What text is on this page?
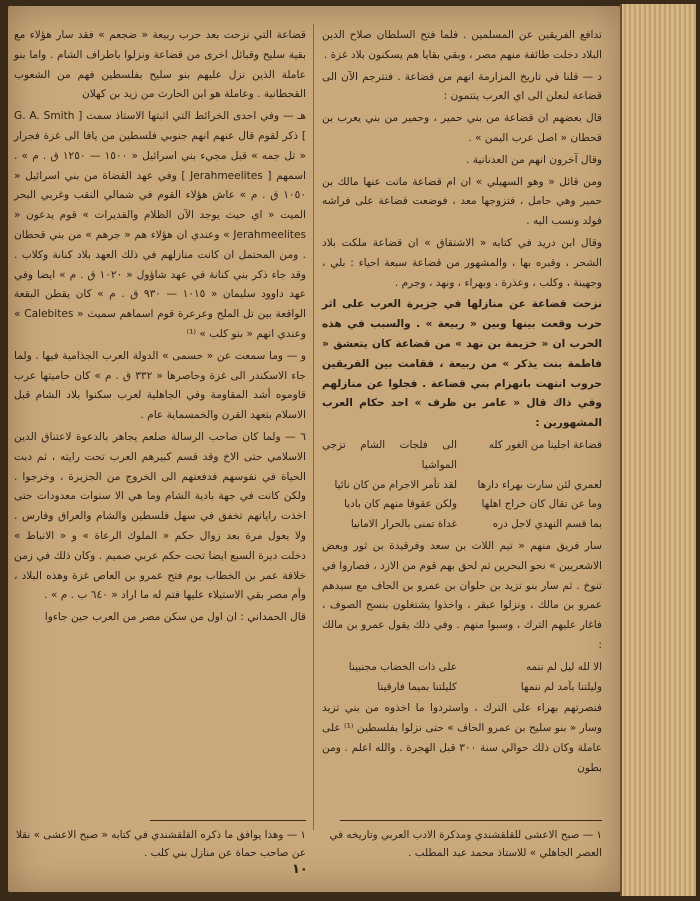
تدافع الفريقين عن المسلمين . فلما فتح السلطان صلاح الدين البلاد دخلت طائفة منهم مصر ، وبقي بقايا هم يسكنون بلاد غزة .

د — قلنا في تاريخ المزارمة انهم من قضاعة . فنترجم الآن الى قضاعة لنعلن الى اي العرب ينتمون :

قال بعضهم ان قضاعة من بني حمير ، وحمير من بني يعرب بن قحطان « اصل عرب اليمن » .

وقال آخرون انهم من العدنانية .

ومن قائل « وهو السهيلي » ان ام قضاعة ماتت عنها مالك بن حمير وهي حامل ، فتزوجها معد ، فوضعت قضاعة على فراشه فولد ونسب اليه .

وقال ابن دريد في كتابه « الاشتقاق » ان قضاعة ملكت بلاد الشحر ، وقبره بها ، والمشهور من قضاعة سبعة احياء : بلي ، وجهينة ، وكلب ، وعذرة ، وبهراء ، ونهد ، وجرم .

نزحت قضاعة عن منازلها في جزيرة العرب على اثر حرب وقعت بينها وبين « ربيعة » . والسبب في هذه الحرب ان « خزيمة بن نهد » من قضاعة كان يتعشق « فاطمة بنت يذكر » من ربيعة ، فقامت بين الفريقين حروب انتهت بانهزام بني قضاعة . فجلوا عن منازلهم وفي ذاك قال « عامر بن ظرف » احد حكام العرب المشهورين :

قضاعة اجلينا من الغور كله
الى فلجات الشام تزجي المواشيا
لعمري لئن سارت بهراء دارها
لقد تأمر الاجرام من كان نائيا
وما عن تقال كان خراج اهلها
ولكن عقوقا منهم كان باديا
بما قسم النهدي لاجل دره
غداة تمنى بالحرار الامانيا

سار فريق منهم « تيم اللات بن سعد وفرقيدة بن ثور وبعض الاشعريين » نحو البحرين ثم لحق بهم قوم من الازد ، فصاروا في تنوخ . ثم سار بنو تزيد بن حلوان بن عمرو بن الحاف مع سيدهم عمرو بن مالك ، ونزلوا عبقر ، واخذوا يشتغلون بنسج الصوف ، فاغار عليهم الترك ، وسبوا منهم . وفي ذلك يقول عمرو بن مالك :

الا لله ليل لم ننمه
على ذات الخضاب مجنبينا
وليلتنا بآمد لم ننمها
كليلتنا بميما فارقينا

فنصرتهم بهراء على الترك ، واستردوا ما اخذوه من بني تزيد وسار « بنو سليح بن عمرو الحاف » حتى نزلوا بفلسطين ⁽¹⁾ على عاملة وكان ذلك حوالي سنة ٣٠٠ قبل الهجرة . والله اعلم . ومن بطون

قضاعة التي نزحت بعد حرب ربيعة « ضجعم » فقد سار هؤلاء مع بقية سليح وقبائل اخرى من قضاعة ونزلوا باطراف الشام . واما بنو عاملة الذين نزل عليهم بنو سليح بفلسطين فهم من الشعوب القحطانية . وعاملة هو ابن الحارث من زيد بن كهلان

هـ — وفي احدى الخرائط التي اثبتها الاستاذ سمث [ G. A. Smith ] ذكر لقوم قال عنهم انهم جنوبي فلسطين من يافا الى غزة فجرار « تل جمه » قبل مجيء بني اسرائيل « ١٥٠٠ — ١٢٥٠ ق . م » . اسمهم [ Jerahmeelites ] وفي عهد القضاة من بني اسرائيل « ١٠٥٠ ق . م » عاش هؤلاء القوم في شمالي النقب وغربي البحر الميت « اي حيث يوجد الآن الظلام والقديرات » قوم يدعون « Jerahmeelites » وعندي ان هؤلاء هم « جرهم » من بني قحطان . ومن المحتمل ان كانت منازلهم في ذلك العهد بلاد كنانة وكلاب . وقد جاء ذكر بني كنانة في عهد شاؤول « ١٠٢٠ ق . م » ايضا وفي عهد داوود سليمان « ١٠١٥ — ٩٣٠ ق . م » كان يقطن البقعة الواقعة بين تل الملح وعرعرة قوم اسماهم سميث « Calebites » وعندي انهم « بنو كلب » ⁽¹⁾

و — وما سمعت عن « حسمى » الدولة العرب الجذامية فيها . ولما جاء الاسكندر الى غزة وحاصرها « ٣٣٢ ق . م » كان حاميتها عرب قاوموه أشد المقاومة وفي الجاهلية لعرب سكنوا بلاد الشام قبل الاسلام بتعهد القرن والخمسماية عام .

٦ — ولما كان صاحب الرسالة صلعم يجاهر بالدعوة لاعتناق الدين الاسلامي حتى الاخ وقد قسم كبيرهم العرب تحت رايته ، ثم دبت الحياة في نفوسهم فدفعتهم الى الخروج من الجزيرة ، وخرجوا . ولكن كانت في جهة بادية الشام وما هي الا سنوات معدودات حتى اخذت راياتهم تخفق في سهل فلسطين والشام والعراق وفارس . ولا يعول مرة بعد زوال حكم « الملوك الرعاة » و « الانباط » دخلت ديرة السبع ايضا تحت حكم عربي صميم . وكان ذلك في زمن خلافة عمر بن الخطاب يوم فتح عمرو بن العاص غزة وهذه البلاد ، وأم مصر بقي الاستيلاء عليها فتم له ما اراد « ٦٤٠ ب . م » .

قال الحمداني : ان اول من سكن مصر من العرب حين جاءوا

١ — صبح الاعشى للقلقشندي ومذكرة الادب العربي وتاريخه في العصر الجاهلي » للاستاذ محمد عبد المطلب .
١ — وهذا يوافق ما ذكره القلقشندي في كتابه « صبح الاعشى » نقلا عن صاحب حماة عن منازل بني كلب .
١٠
